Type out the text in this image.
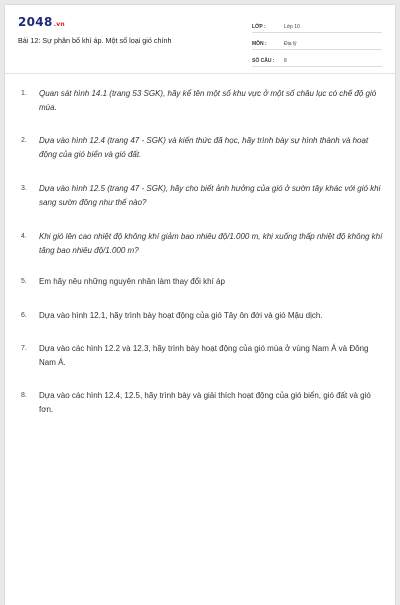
2048.vn
Bài 12: Sự phân bố khí áp. Một số loại gió chính
LỚP :	Lớp 10
MÔN :	Địa lý
SỐ CÂU :	8
1.	Quan sát hình 14.1 (trang 53 SGK), hãy kể tên một số khu vực ở một số châu lục có chế độ gió mùa.
2.	Dựa vào hình 12.4 (trang 47 - SGK) và kiến thức đã học, hãy trình bày sự hình thành và hoạt động của gió biển và gió đất.
3.	Dựa vào hình 12.5 (trang 47 - SGK), hãy cho biết ảnh hưởng của gió ở sườn tây khác với gió khi sang sườn đông như thế nào?
4.	Khi gió lên cao nhiệt độ không khí giảm bao nhiêu độ/1.000 m, khi xuống thấp nhiệt độ không khí tăng bao nhiêu độ/1.000 m?
5.	Em hãy nêu những nguyên nhân làm thay đổi khí áp
6.	Dựa vào hình 12.1, hãy trình bày hoạt động của gió Tây ôn đới và gió Mậu dịch.
7.	Dựa vào các hình 12.2 và 12.3, hãy trình bày hoạt động của gió mùa ở vùng Nam Á và Đông Nam Á.
8.	Dựa vào các hình 12.4, 12.5, hãy trình bày và giải thích hoạt động của gió biển, gió đất và gió fơn.
